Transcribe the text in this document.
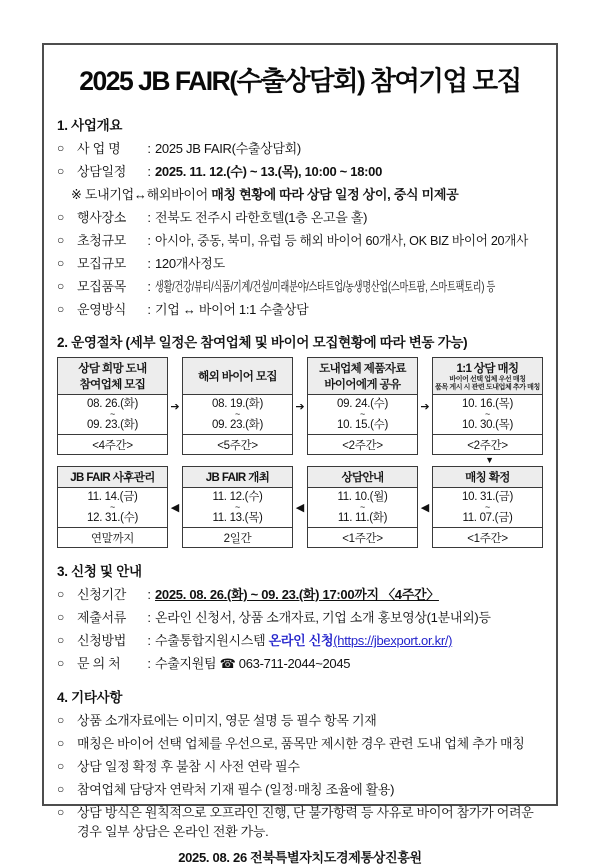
2025 JB FAIR(수출상담회) 참여기업 모집
1. 사업개요
○	사 업 명	: 2025 JB FAIR(수출상담회)
○	상담일정	: 2025. 11. 12.(수) ~ 13.(목), 10:00 ~ 18:00
※ 도내기업↔해외바이어 매칭 현황에 따라 상담 일정 상이, 중식 미제공
○	행사장소	: 전북도 전주시 라한호텔(1층 온고을 홀)
○	초청규모	: 아시아, 중동, 북미, 유럽 등 해외 바이어 60개사, OK BIZ 바이어 20개사
○	모집규모	: 120개사정도
○	모집품목	: 생활/건강/뷰티/식품/기계/건설/미래분야/스타트업/농생명산업(스마트팜, 스마트팩토리) 등
○	운영방식	: 기업 ↔ 바이어 1:1 수출상담
2. 운영절차 (세부 일정은 참여업체 및 바이어 모집현황에 따라 변동 가능)
상담 희망 도내
참여업체 모집
08. 26.(화)
~
09. 23.(화)
<4주간>
➔
해외 바이어 모집
08. 19.(화)
~
09. 23.(화)
<5주간>
➔
도내업체 제품자료
바이어에게 공유
09. 24.(수)
~
10. 15.(수)
<2주간>
➔
1:1 상담 매칭
바이어 선택 업체 우선 매칭
품목 게시 시 관련 도내업체 추가 매칭
10. 16.(목)
~
10. 30.(목)
<2주간>
▼
JB FAIR 사후관리
11. 14.(금)
~
12. 31.(수)
연말까지
◀
JB FAIR 개최
11. 12.(수)
~
11. 13.(목)
2일간
◀
상담안내
11. 10.(월)
~
11. 11.(화)
<1주간>
◀
매칭 확정
10. 31.(금)
~
11. 07.(금)
<1주간>
3. 신청 및 안내
○	신청기간	: 2025. 08. 26.(화) ~ 09. 23.(화) 17:00까지 〈4주간〉
○	제출서류	: 온라인 신청서, 상품 소개자료, 기업 소개 홍보영상(1분내외)등
○	신청방법	: 수출통합지원시스템 온라인 신청(https://jbexport.or.kr/)
○	문 의 처	: 수출지원팀 ☎ 063-711-2044~2045
4. 기타사항
○	상품 소개자료에는 이미지, 영문 설명 등 필수 항목 기재
○	매칭은 바이어 선택 업체를 우선으로, 품목만 제시한 경우 관련 도내 업체 추가 매칭
○	상담 일정 확정 후 불참 시 사전 연락 필수
○	참여업체 담당자 연락처 기재 필수 (일정·매칭 조율에 활용)
○	상담 방식은 원칙적으로 오프라인 진행, 단 불가항력 등 사유로 바이어 참가가 어려운 경우 일부 상담은 온라인 전환 가능.
2025. 08. 26 전북특별자치도경제통상진흥원
